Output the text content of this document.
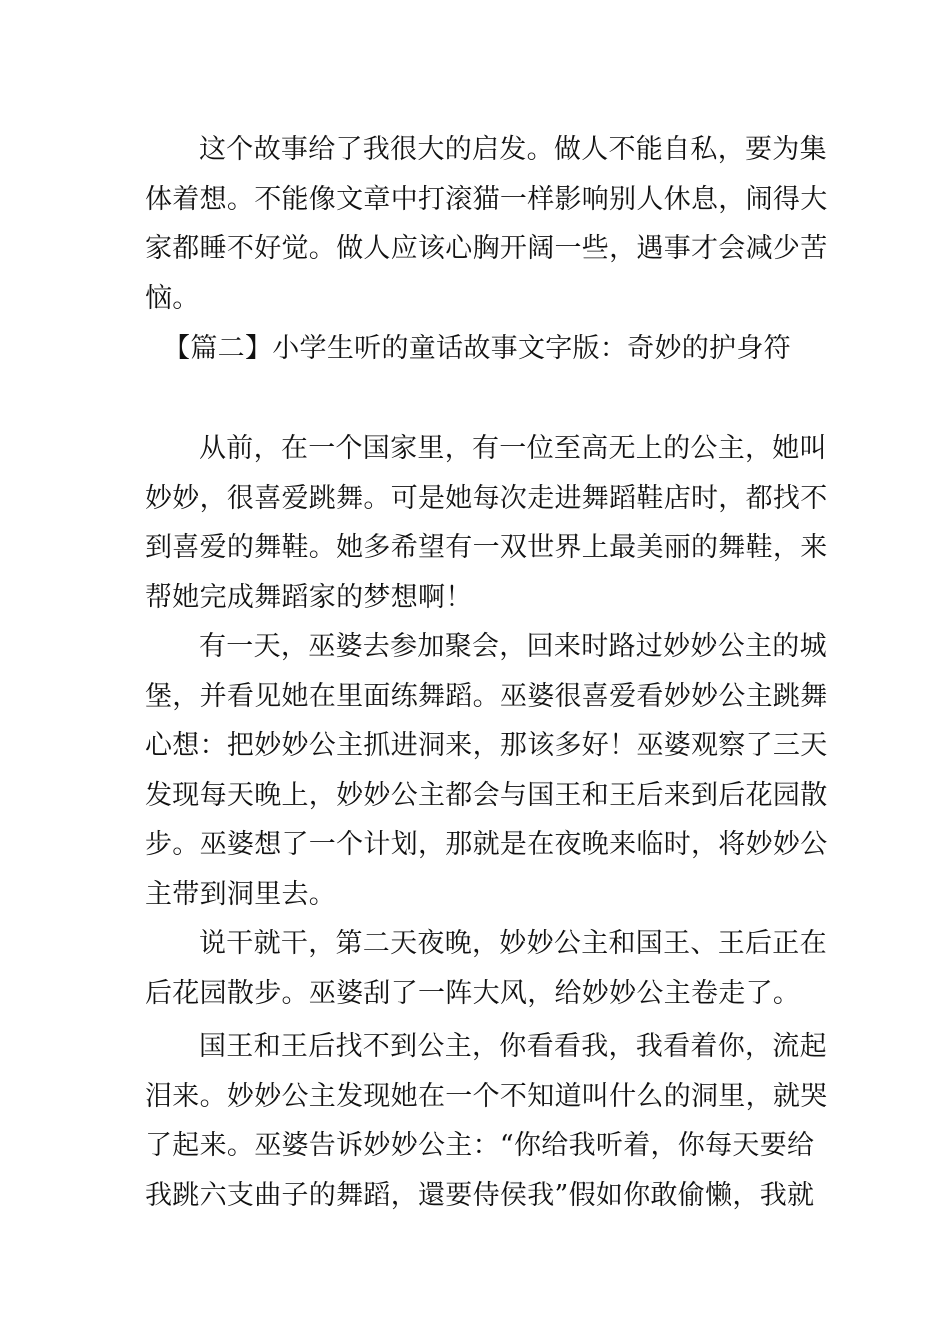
这个故事给了我很大的启发。做人不能自私，要为集
体着想。不能像文章中打滚猫一样影响别人休息，闹得大
家都睡不好觉。做人应该心胸开阔一些，遇事才会减少苦
恼。
【篇二】小学生听的童话故事文字版：奇妙的护身符
从前，在一个国家里，有一位至高无上的公主，她叫
妙妙，很喜爱跳舞。可是她每次走进舞蹈鞋店时，都找不
到喜爱的舞鞋。她多希望有一双世界上最美丽的舞鞋，来
帮她完成舞蹈家的梦想啊！
有一天，巫婆去参加聚会，回来时路过妙妙公主的城
堡，并看见她在里面练舞蹈。巫婆很喜爱看妙妙公主跳舞
心想：把妙妙公主抓进洞来，那该多好！巫婆观察了三天
发现每天晚上，妙妙公主都会与国王和王后来到后花园散
步。巫婆想了一个计划，那就是在夜晚来临时，将妙妙公
主带到洞里去。
说干就干，第二天夜晚，妙妙公主和国王、王后正在
后花园散步。巫婆刮了一阵大风，给妙妙公主卷走了。
国王和王后找不到公主，你看看我，我看着你，流起
泪来。妙妙公主发现她在一个不知道叫什么的洞里，就哭
了起来。巫婆告诉妙妙公主：“你给我听着，你每天要给
我跳六支曲子的舞蹈，還要侍侯我”假如你敢偷懒，我就
